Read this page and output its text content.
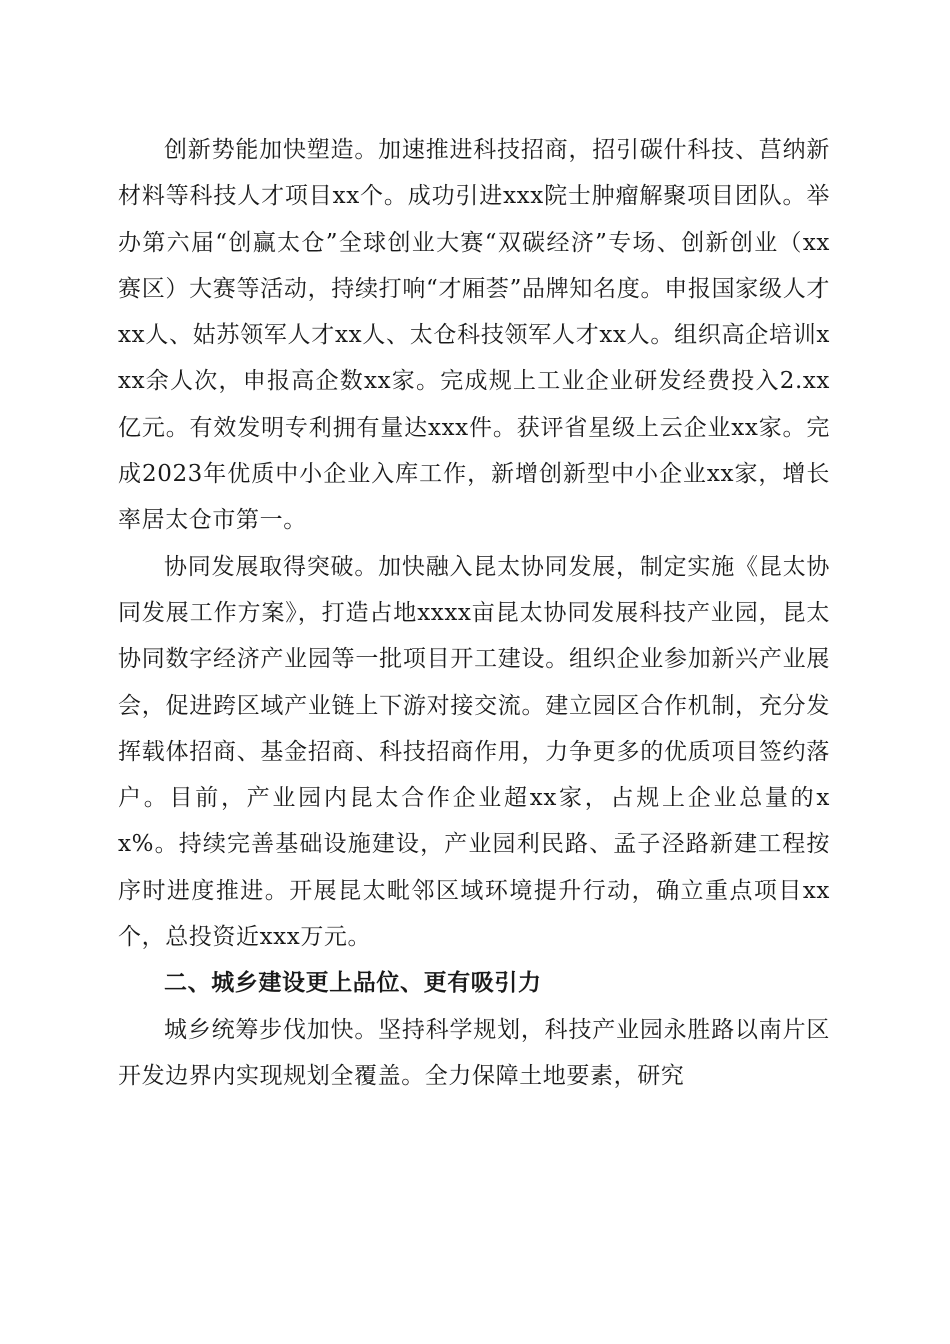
创新势能加快塑造。加速推进科技招商，招引碳什科技、莒纳新材料等科技人才项目xx个。成功引进xxx院士肿瘤解聚项目团队。举办第六届“创赢太仓”全球创业大赛“双碳经济”专场、创新创业（xx赛区）大赛等活动，持续打响“才厢荟”品牌知名度。申报国家级人才xx人、姑苏领军人才xx人、太仓科技领军人才xx人。组织高企培训xxx余人次，申报高企数xx家。完成规上工业企业研发经费投入2.xx亿元。有效发明专利拥有量达xxx件。获评省星级上云企业xx家。完成2023年优质中小企业入库工作，新增创新型中小企业xx家，增长率居太仓市第一。

协同发展取得突破。加快融入昆太协同发展，制定实施《昆太协同发展工作方案》，打造占地xxxx亩昆太协同发展科技产业园，昆太协同数字经济产业园等一批项目开工建设。组织企业参加新兴产业展会，促进跨区域产业链上下游对接交流。建立园区合作机制，充分发挥载体招商、基金招商、科技招商作用，力争更多的优质项目签约落户。目前，产业园内昆太合作企业超xx家，占规上企业总量的xx%。持续完善基础设施建设，产业园利民路、孟子泾路新建工程按序时进度推进。开展昆太毗邻区域环境提升行动，确立重点项目xx个，总投资近xxx万元。

二、城乡建设更上品位、更有吸引力

城乡统筹步伐加快。坚持科学规划，科技产业园永胜路以南片区开发边界内实现规划全覆盖。全力保障土地要素，研究
